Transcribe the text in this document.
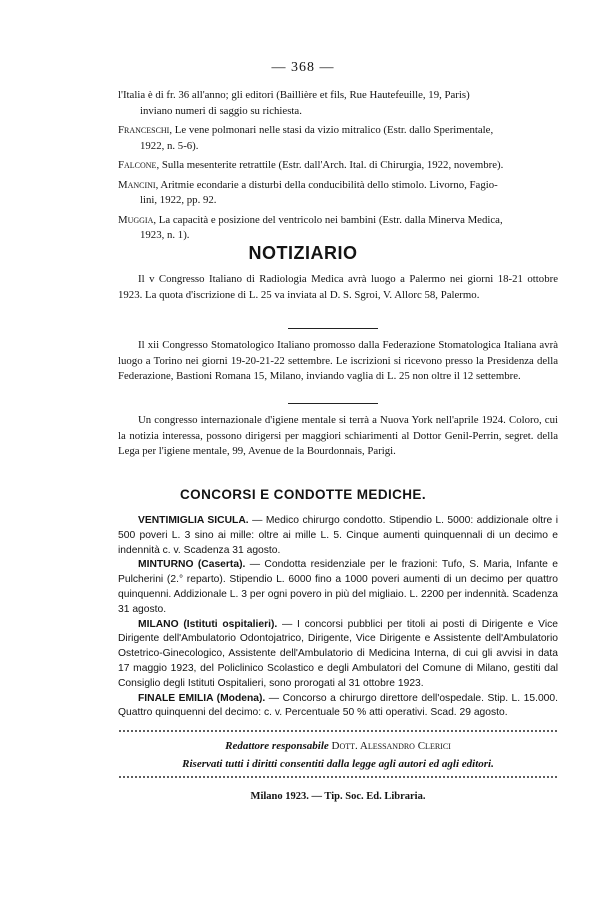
— 368 —
l'Italia è di fr. 36 all'anno; gli editori (Baillière et fils, Rue Hautefeuille, 19, Paris)
inviano numeri di saggio su richiesta.
Franceschi, Le vene polmonari nelle stasi da vizio mitralico (Estr. dallo Sperimentale,
1922, n. 5-6).
Falcone, Sulla mesenterite retrattile (Estr. dall'Arch. Ital. di Chirurgia, 1922, novembre).
Mancini, Aritmie econdarie a disturbi della conducibilità dello stimolo. Livorno, Fagio-
lini, 1922, pp. 92.
Muggia, La capacità e posizione del ventricolo nei bambini (Estr. dalla Minerva Medica,
1923, n. 1).
NOTIZIARIO
Il v Congresso Italiano di Radiologia Medica avrà luogo a Palermo nei giorni 18-21 ottobre 1923. La quota d'iscrizione di L. 25 va inviata al D. S. Sgroi, V. Allorc 58, Palermo.
Il xii Congresso Stomatologico Italiano promosso dalla Federazione Stomatologica Italiana avrà luogo a Torino nei giorni 19-20-21-22 settembre. Le iscrizioni si ricevono presso la Presidenza della Federazione, Bastioni Romana 15, Milano, inviando vaglia di L. 25 non oltre il 12 settembre.
Un congresso internazionale d'igiene mentale si terrà a Nuova York nell'aprile 1924. Coloro, cui la notizia interessa, possono dirigersi per maggiori schiarimenti al Dottor Genil-Perrin, segret. della Lega per l'igiene mentale, 99, Avenue de la Bourdonnais, Parigi.
CONCORSI E CONDOTTE MEDICHE.

VENTIMIGLIA SICULA. — Medico chirurgo condotto. Stipendio L. 5000: addizionale oltre i 500 poveri L. 3 sino ai mille: oltre ai mille L. 5. Cinque aumenti quinquennali di un decimo e indennità c. v. Scadenza 31 agosto.

MINTURNO (Caserta). — Condotta residenziale per le frazioni: Tufo, S. Maria, Infante e Pulcherini (2.° reparto). Stipendio L. 6000 fino a 1000 poveri aumenti di un decimo per quattro quinquenni. Addizionale L. 3 per ogni povero in più del migliaio. L. 2200 per indennità. Scadenza 31 agosto.

MILANO (Istituti ospitalieri). — I concorsi pubblici per titoli ai posti di Dirigente e Vice Dirigente dell'Ambulatorio Odontojatrico, Dirigente, Vice Dirigente e Assistente dell'Ambulatorio Ostetrico-Ginecologico, Assistente dell'Ambulatorio di Medicina Interna, di cui gli avvisi in data 17 maggio 1923, del Policlinico Scolastico e degli Ambulatori del Comune di Milano, gestiti dal Consiglio degli Istituti Ospitalieri, sono prorogati al 31 ottobre 1923.

FINALE EMILIA (Modena). — Concorso a chirurgo direttore dell'ospedale. Stip. L. 15.000. Quattro quinquenni del decimo: c. v. Percentuale 50 % atti operativi. Scad. 29 agosto.

Redattore responsabile Dott. Alessandro Clerici
Riservati tutti i diritti consentiti dalla legge agli autori ed agli editori.
Milano 1923. — Tip. Soc. Ed. Libraria.
